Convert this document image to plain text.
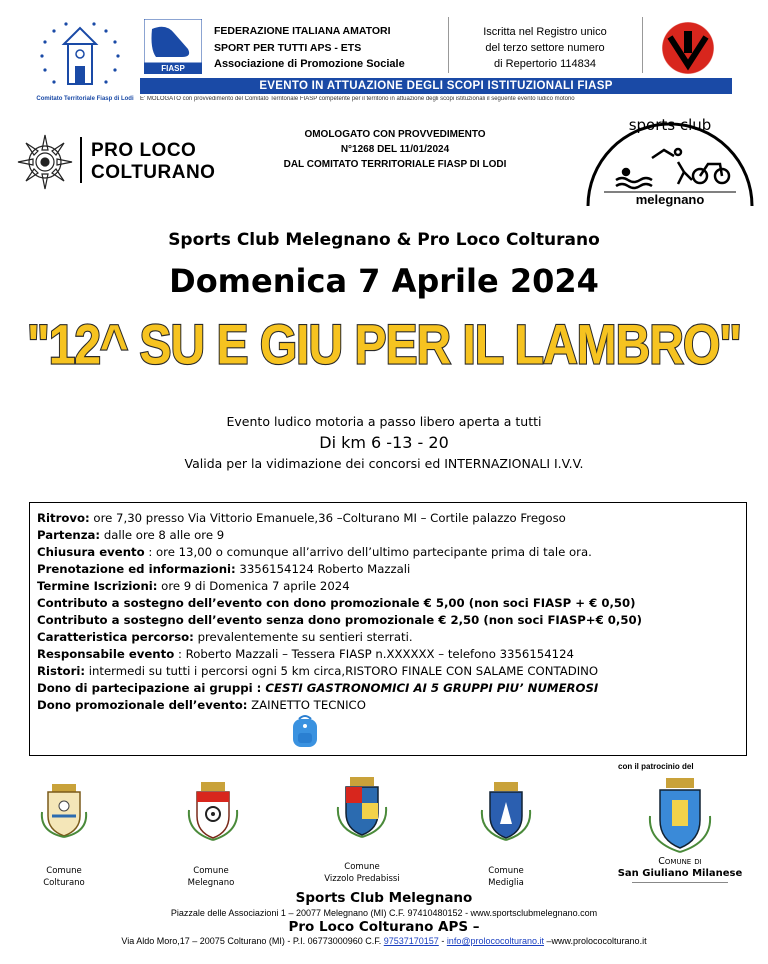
Comitato Territoriale Fiasp di Lodi
FIASP
FEDERAZIONE ITALIANA AMATORI
SPORT PER TUTTI APS - ETS
Associazione di Promozione Sociale
Iscritta nel Registro unico
del terzo settore numero
di Repertorio 114834
EVENTO IN ATTUAZIONE DEGLI SCOPI ISTITUZIONALI FIASP
E' MOLOGATO con provvedimento del Comitato Territoriale FIASP competente per il territorio in attuazione degli scopi istituzionali il seguente evento ludico motorio
PRO LOCO
COLTURANO
OMOLOGATO CON PROVVEDIMENTO
N°1268 DEL 11/01/2024
DAL COMITATO TERRITORIALE FIASP DI LODI
sports club
melegnano
Sports Club Melegnano & Pro Loco Colturano
Domenica 7 Aprile 2024
"12^ SU E GIU PER IL LAMBRO"
Evento ludico motoria a passo libero aperta a tutti
Di km 6 -13 - 20
Valida per la vidimazione dei concorsi ed INTERNAZIONALI I.V.V.
Ritrovo: ore 7,30 presso Via Vittorio Emanuele,36 –Colturano MI – Cortile palazzo Fregoso
Partenza: dalle ore 8 alle ore 9
Chiusura evento : ore 13,00 o comunque all’arrivo dell’ultimo partecipante prima di tale ora.
Prenotazione ed informazioni: 3356154124 Roberto Mazzali
Termine Iscrizioni: ore 9 di Domenica 7 aprile 2024
Contributo a sostegno dell’evento con dono promozionale € 5,00 (non soci FIASP + € 0,50)
Contributo a sostegno dell’evento senza dono promozionale € 2,50 (non soci FIASP+€ 0,50)
Caratteristica percorso: prevalentemente su sentieri sterrati.
Responsabile evento : Roberto Mazzali – Tessera FIASP n.XXXXXX – telefono 3356154124
Ristori: intermedi su tutti i percorsi ogni 5 km circa,RISTORO FINALE CON SALAME CONTADINO
Dono di partecipazione ai gruppi : CESTI GASTRONOMICI AI 5 GRUPPI PIU’ NUMEROSI
Dono promozionale dell’evento: ZAINETTO TECNICO
con il patrocinio del
Comune
Colturano
Comune
Melegnano
Comune
Vizzolo Predabissi
Comune
Mediglia
Comune di
San Giuliano Milanese
Sports Club Melegnano
Piazzale delle Associazioni 1 – 20077 Melegnano (MI) C.F. 97410480152 - www.sportsclubmelegnano.com
Pro Loco Colturano APS –
Via Aldo Moro,17 – 20075 Colturano (MI) - P.I. 06773000960 C.F. 97537170157 - info@prolococolturano.it –www.prolococolturano.it
